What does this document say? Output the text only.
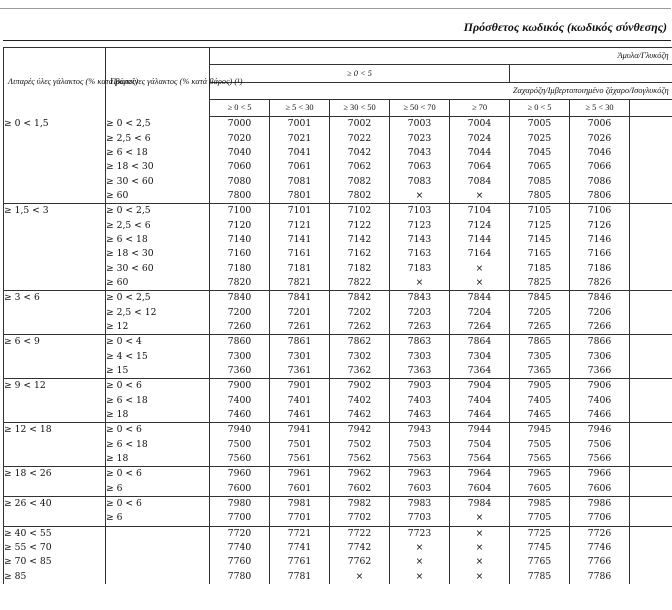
Πρόσθετος κωδικός (κωδικός σύνθεσης)
Λιπαρές ύλες γάλακτος (% κατά βάρος)	Πρωτεΐνες γάλακτος (% κατά βάρος) (¹)	Άμυλα/Γλυκόζη							
		≥ 0 < 5							
		Ζαχαρόζη/Ιμβερτοποιημένο ζάχαρο/Ισογλυκόζη							
		≥ 0 < 5	≥ 5 < 30	≥ 30 < 50	≥ 50 < 70	≥ 70	≥ 0 < 5	≥ 5 < 30	
≥ 0 < 1,5	≥ 0 < 2,5	7000	7001	7002	7003	7004	7005	7006	
	≥ 2,5 < 6	7020	7021	7022	7023	7024	7025	7026	
	≥ 6 < 18	7040	7041	7042	7043	7044	7045	7046	
	≥ 18 < 30	7060	7061	7062	7063	7064	7065	7066	
	≥ 30 < 60	7080	7081	7082	7083	7084	7085	7086	
	≥ 60	7800	7801	7802	×	×	7805	7806	
≥ 1,5 < 3	≥ 0 < 2,5	7100	7101	7102	7103	7104	7105	7106	
	≥ 2,5 < 6	7120	7121	7122	7123	7124	7125	7126	
	≥ 6 < 18	7140	7141	7142	7143	7144	7145	7146	
	≥ 18 < 30	7160	7161	7162	7163	7164	7165	7166	
	≥ 30 < 60	7180	7181	7182	7183	×	7185	7186	
	≥ 60	7820	7821	7822	×	×	7825	7826	
≥ 3 < 6	≥ 0 < 2,5	7840	7841	7842	7843	7844	7845	7846	
	≥ 2,5 < 12	7200	7201	7202	7203	7204	7205	7206	
	≥ 12	7260	7261	7262	7263	7264	7265	7266	
≥ 6 < 9	≥ 0 < 4	7860	7861	7862	7863	7864	7865	7866	
	≥ 4 < 15	7300	7301	7302	7303	7304	7305	7306	
	≥ 15	7360	7361	7362	7363	7364	7365	7366	
≥ 9 < 12	≥ 0 < 6	7900	7901	7902	7903	7904	7905	7906	
	≥ 6 < 18	7400	7401	7402	7403	7404	7405	7406	
	≥ 18	7460	7461	7462	7463	7464	7465	7466	
≥ 12 < 18	≥ 0 < 6	7940	7941	7942	7943	7944	7945	7946	
	≥ 6 < 18	7500	7501	7502	7503	7504	7505	7506	
	≥ 18	7560	7561	7562	7563	7564	7565	7566	
≥ 18 < 26	≥ 0 < 6	7960	7961	7962	7963	7964	7965	7966	
	≥ 6	7600	7601	7602	7603	7604	7605	7606	
≥ 26 < 40	≥ 0 < 6	7980	7981	7982	7983	7984	7985	7986	
	≥ 6	7700	7701	7702	7703	×	7705	7706	
≥ 40 < 55		7720	7721	7722	7723	×	7725	7726	
≥ 55 < 70		7740	7741	7742	×	×	7745	7746	
≥ 70 < 85		7760	7761	7762	×	×	7765	7766	
≥ 85		7780	7781	×	×	×	7785	7786	
